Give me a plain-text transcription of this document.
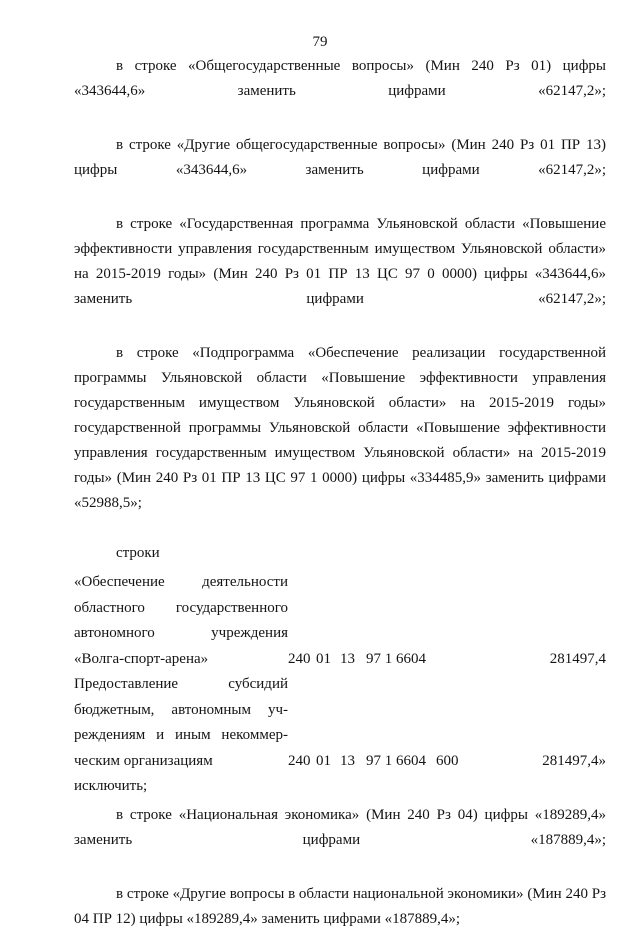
79

в строке «Общегосударственные вопросы» (Мин 240 Рз 01) цифры «343644,6» заменить цифрами «62147,2»;

в строке «Другие общегосударственные вопросы» (Мин 240 Рз 01 ПР 13) цифры «343644,6» заменить цифрами «62147,2»;

в строке «Государственная программа Ульяновской области «Повышение эффективности управления государственным имуществом Ульяновской области» на 2015-2019 годы» (Мин 240 Рз 01 ПР 13 ЦС 97 0 0000) цифры «343644,6» заменить цифрами «62147,2»;

в строке «Подпрограмма «Обеспечение реализации государственной программы Ульяновской области «Повышение эффективности управления государственным имуществом Ульяновской области» на 2015-2019 годы» государственной программы Ульяновской области «Повышение эффективности управления государственным имуществом Ульяновской области» на 2015-2019 годы» (Мин 240 Рз 01 ПР 13 ЦС 97 1 0000) цифры «334485,9» заменить цифрами «52988,5»;

строки

«Обеспечение деятельности
областного государственного
автономного учреждения
«Волга-спорт-арена»	240	01	13	97 1 6604		281497,4

Предоставление субсидий
бюджетным, автономным уч-
реждениям и иным некоммер-
ческим организациям	240	01	13	97 1 6604	600	281497,4»

исключить;

в строке «Национальная экономика» (Мин 240 Рз 04) цифры «189289,4» заменить цифрами «187889,4»;

в строке «Другие вопросы в области национальной экономики» (Мин 240 Рз 04 ПР 12) цифры «189289,4» заменить цифрами «187889,4»;
